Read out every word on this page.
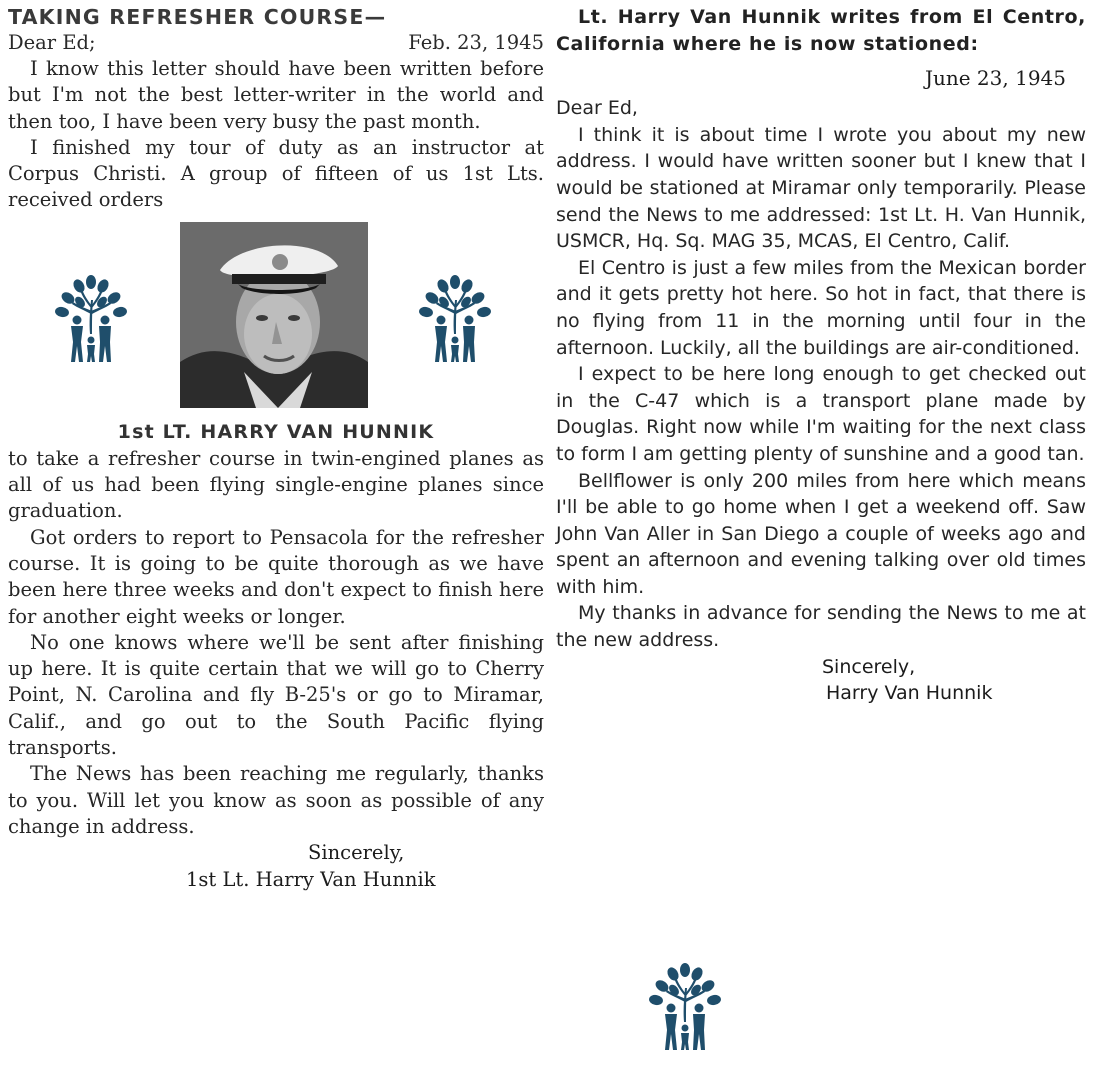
TAKING REFRESHER COURSE—
Dear Ed;	Feb. 23, 1945

I know this letter should have been written before but I'm not the best letter-writer in the world and then too, I have been very busy the past month.

I finished my tour of duty as an instructor at Corpus Christi. A group of fifteen of us 1st Lts. received orders

1st LT. HARRY VAN HUNNIK

to take a refresher course in twin-engined planes as all of us had been flying single-engine planes since graduation.

Got orders to report to Pensacola for the refresher course. It is going to be quite thorough as we have been here three weeks and don't expect to finish here for another eight weeks or longer.

No one knows where we'll be sent after finishing up here. It is quite certain that we will go to Cherry Point, N. Carolina and fly B-25's or go to Miramar, Calif., and go out to the South Pacific flying transports.

The News has been reaching me regularly, thanks to you. Will let you know as soon as possible of any change in address.

Sincerely,
1st Lt. Harry Van Hunnik

Lt. Harry Van Hunnik writes from El Centro, California where he is now stationed:

June 23, 1945

Dear Ed,

I think it is about time I wrote you about my new address. I would have written sooner but I knew that I would be stationed at Miramar only temporarily. Please send the News to me addressed: 1st Lt. H. Van Hunnik, USMCR, Hq. Sq. MAG 35, MCAS, El Centro, Calif.

El Centro is just a few miles from the Mexican border and it gets pretty hot here. So hot in fact, that there is no flying from 11 in the morning until four in the afternoon. Luckily, all the buildings are air-conditioned.

I expect to be here long enough to get checked out in the C-47 which is a transport plane made by Douglas. Right now while I'm waiting for the next class to form I am getting plenty of sunshine and a good tan.

Bellflower is only 200 miles from here which means I'll be able to go home when I get a weekend off. Saw John Van Aller in San Diego a couple of weeks ago and spent an afternoon and evening talking over old times with him.

My thanks in advance for sending the News to me at the new address.

Sincerely,
Harry Van Hunnik
